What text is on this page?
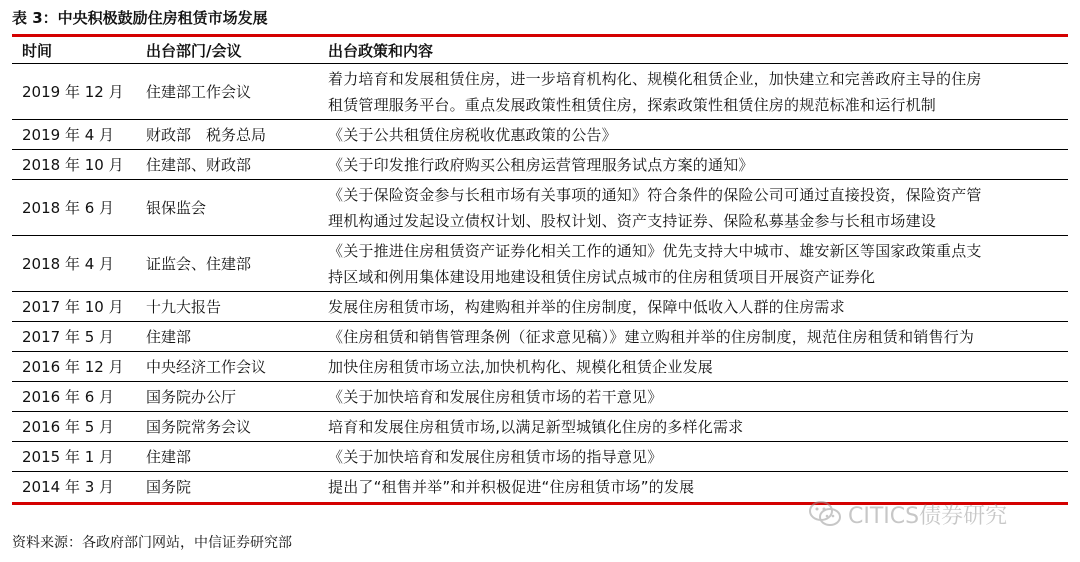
表 3：中央积极鼓励住房租赁市场发展
时间	出台部门/会议	出台政策和内容
2019 年 12 月	住建部工作会议	着力培育和发展租赁住房，进一步培育机构化、规模化租赁企业，加快建立和完善政府主导的住房
租赁管理服务平台。重点发展政策性租赁住房，探索政策性租赁住房的规范标准和运行机制

2019 年 4 月	财政部　税务总局	《关于公共租赁住房税收优惠政策的公告》

2018 年 10 月	住建部、财政部	《关于印发推行政府购买公租房运营管理服务试点方案的通知》

2018 年 6 月	银保监会	《关于保险资金参与长租市场有关事项的通知》符合条件的保险公司可通过直接投资，保险资产管
理机构通过发起设立债权计划、股权计划、资产支持证券、保险私募基金参与长租市场建设

2018 年 4 月	证监会、住建部	《关于推进住房租赁资产证券化相关工作的通知》优先支持大中城市、雄安新区等国家政策重点支
持区域和例用集体建设用地建设租赁住房试点城市的住房租赁项目开展资产证券化

2017 年 10 月	十九大报告	发展住房租赁市场，构建购租并举的住房制度，保障中低收入人群的住房需求

2017 年 5 月	住建部	《住房租赁和销售管理条例（征求意见稿）》建立购租并举的住房制度，规范住房租赁和销售行为

2016 年 12 月	中央经济工作会议	加快住房租赁市场立法,加快机构化、规模化租赁企业发展

2016 年 6 月	国务院办公厅	《关于加快培育和发展住房租赁市场的若干意见》

2016 年 5 月	国务院常务会议	培育和发展住房租赁市场,以满足新型城镇化住房的多样化需求

2015 年 1 月	住建部	《关于加快培育和发展住房租赁市场的指导意见》

2014 年 3 月	国务院	提出了“租售并举”和并积极促进“住房租赁市场”的发展
资料来源：各政府部门网站，中信证券研究部
CITICS债券研究
